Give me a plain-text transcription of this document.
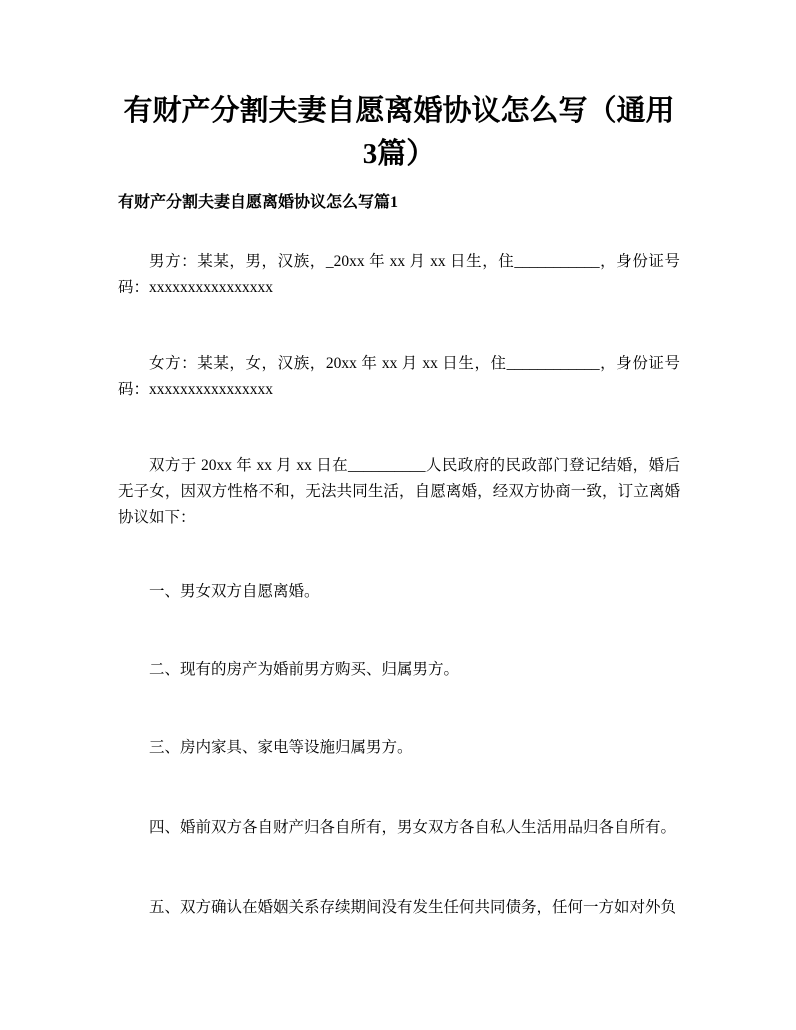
有财产分割夫妻自愿离婚协议怎么写（通用3篇）
有财产分割夫妻自愿离婚协议怎么写篇1

男方：某某，男，汉族，_20xx 年 xx 月 xx 日生，住___________，身份证号码：xxxxxxxxxxxxxxxx

女方：某某，女，汉族，20xx 年 xx 月 xx 日生，住____________，身份证号码：xxxxxxxxxxxxxxxx

双方于 20xx 年 xx 月 xx 日在__________人民政府的民政部门登记结婚，婚后无子女，因双方性格不和，无法共同生活，自愿离婚，经双方协商一致，订立离婚协议如下：

一、男女双方自愿离婚。

二、现有的房产为婚前男方购买、归属男方。

三、房内家具、家电等设施归属男方。

四、婚前双方各自财产归各自所有，男女双方各自私人生活用品归各自所有。

五、双方确认在婚姻关系存续期间没有发生任何共同债务，任何一方如对外负
